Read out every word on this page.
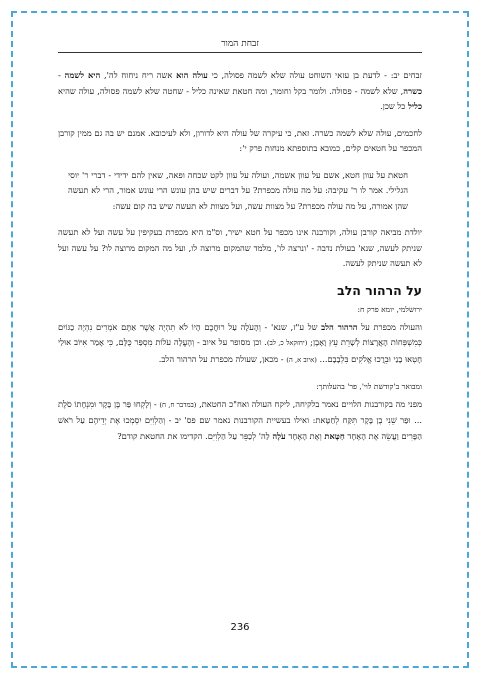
זבחת המור

זבחים יב: - לדעת בן עזאי השוחט עולה שלא לשמה פסולה, כי עולה הוא אשה ריח ניחוח לה', היא לשמה - כשרה, שלא לשמה - פסולה. ולומר בקל וחומר, ומה חטאת שאינה כליל - שחטה שלא לשמה פסולה, עולה שהיא כליל כל שכן.

לחכמים, עולה שלא לשמה כשרה. זאת, כי עיקרה של עולה היא לדורון, ולא לעיכובא. אמנם יש בה גם ממין קורבן המכפר על חטאים קלים, כמובא בתוספתא מנחות פרק י':

חטאת על עוון חטא, אשם על עוון אשמה, ועולה על עוון לקט שכחה ופאה, שאין להם ידידי - דברי ר' יוסי הגלילי. אמר לו ר' עקיבה: על מה עולה מכפרת? על דברים שיש בהן עונש הרי עונש אמור, הרי לא תעשה שהן אמורה, על מה עולה מכפרת? על מצוות עשה, ועל מצוות לא תעשה שיש בה קום עשה:

יולדת מביאה קורבן עולה, וקורבנה אינו מכפר על חטא ישיר, וס"מ היא מכפרת בעקיפין על עשה ועל לא תעשה שניתק לעשה, שנא' בעולת נדבה - 'ונרצה לו', מלמד שהמקום מרוצה לו, ועל מה המקום מרוצה לו? על עשה ועל לא תעשה שניתק לעשה.

על הרהור הלב

ירושלמי, יומא פרק ח:

והעולה מכפרת על הרהור הלב של ע"ז, שנא' - וְהָעֹלָה עַל רוּחֲכֶם הָיוֹ לֹא תִהְיֶה אֲשֶׁר אַתֶּם אֹמְרִים נִהְיֶה כַגּוֹיִם כְּמִשְׁפְּחוֹת הָאֲרָצוֹת לְשָׁרֵת עֵץ וָאָבֶן; (יחזקאל כ, לב). וכן מסופר על איוב - וְהֶעֱלָה עֹלוֹת מִסְפַּר כֻּלָּם, כִּי אָמַר אִיּוֹב אוּלַי חָטְאוּ בָנַי וּבֵרֲכוּ אֱלֹקִים בִּלְבָבָם... (איוב א, ה) - מכאן, שעולה מכפרת על הרהור הלב.

ומבואר ב'קודשת לוי', פר' בהעלותך:

מפני מה בקורבנות הלויים נאמר בלקיחה, ליקח העולה ואח"כ החטאת, (במדבר ח, ח) - וְלָקְחוּ פַּר בֶּן בָּקָר וּמִנְחָתוֹ סֹלֶת ... וּפַר שֵׁנִי בֶן בָּקָר תִּקַּח לְחַטָּאת: ואילו בעשיית הקורבנות נאמר שם פס' יב - וְהַלְוִיִּם יִסְמְכוּ אֶת יְדֵיהֶם עַל רֹאשׁ הַפָּרִים וַעֲשֵׂה אֶת הָאֶחָד חַטָּאת וְאֶת הָאֶחָד עֹלָה לַה' לְכַפֵּר עַל הַלְוִיִּם. הקדימו את החטאת קודם?

236
